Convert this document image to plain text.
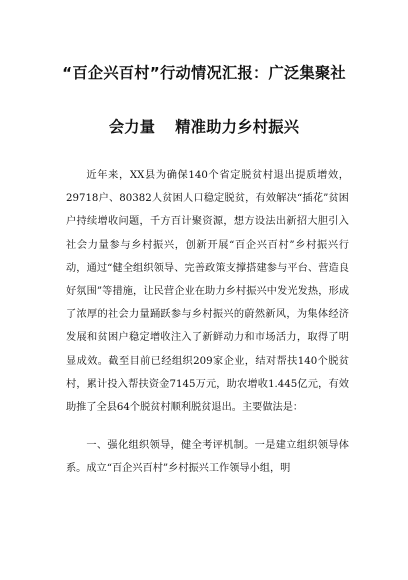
“百企兴百村”行动情况汇报：广泛集聚社
会力量 精准助力乡村振兴

近年来，XX县为确保140个省定脱贫村退出提质增效，29718户、80382人贫困人口稳定脱贫，有效解决“插花”贫困户持续增收问题，千方百计聚资源，想方设法出新招大胆引入社会力量参与乡村振兴，创新开展“百企兴百村”乡村振兴行动，通过“健全组织领导、完善政策支撑搭建参与平台、营造良好氛围”等措施，让民营企业在助力乡村振兴中发光发热，形成了浓厚的社会力量踊跃参与乡村振兴的蔚然新风，为集体经济发展和贫困户稳定增收注入了新鲜动力和市场活力，取得了明显成效。截至目前已经组织209家企业，结对帮扶140个脱贫村，累计投入帮扶资金7145万元，助农增收1.445亿元，有效助推了全县64个脱贫村顺利脱贫退出。主要做法是：

一、强化组织领导，健全考评机制。一是建立组织领导体系。成立“百企兴百村”乡村振兴工作领导小组，明
